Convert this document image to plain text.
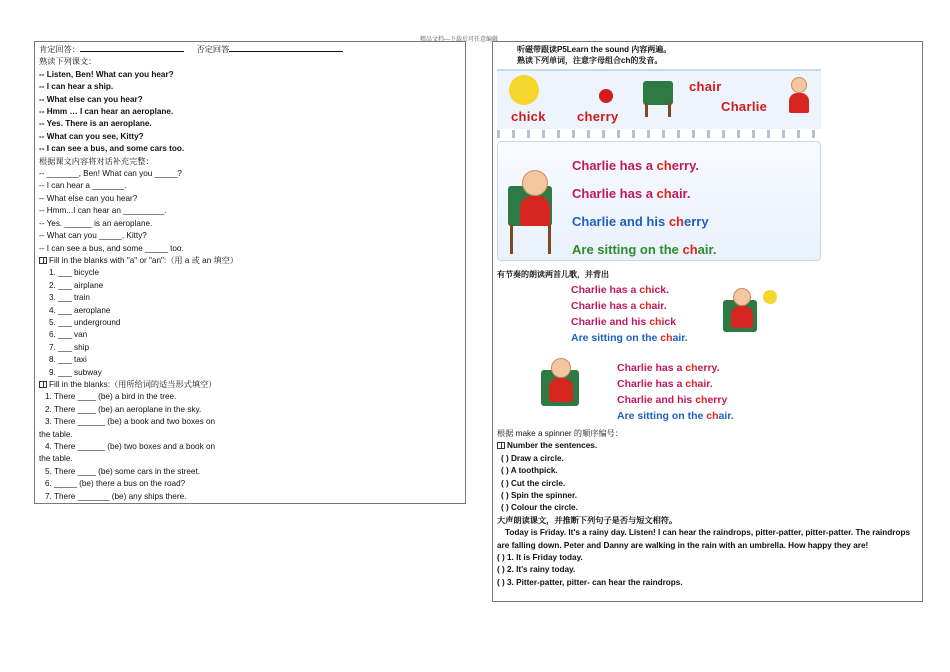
精品文档---下载后可任意编辑
肯定回答：	否定回答
熟读下列课文：
-- Listen, Ben! What can you hear?
-- I can hear a ship.
-- What else can you hear?
-- Hmm … I can hear an aeroplane.
-- Yes. There is an aeroplane.
-- What can you see, Kitty?
-- I can see a bus, and some cars too.
根据课文内容将对话补充完整：
-- _______, Ben! What can you _____?
-- I can hear a _______.
-- What else can you hear?
-- Hmm...I can hear an _________.
-- Yes. ______ is an aeroplane.
-- What can you _____, Kitty?
-- I can see a bus, and some _____ too.
Fill in the blanks with "a" or "an":（用 a 或 an 填空）
1. ___ bicycle
2. ___ airplane
3. ___ train
4. ___ aeroplane
5. ___ underground
6. ___ van
7. ___ ship
8. ___ taxi
9. ___ subway
Fill in the blanks:（用所给词的适当形式填空）
1. There ____ (be) a bird in the tree.
2. There ____ (be) an aeroplane in the sky.
3. There ______ (be) a book and two boxes on
the table.
4. There ______ (be) two boxes and a book on
the table.
5. There ____ (be) some cars in the street.
6. _____ (be) there a bus on the road?
7. There _______ (be) any ships there.
听磁带跟读P5Learn the sound 内容两遍。
熟读下列单词，注意字母组合ch的发音。
chick cherry
chair
Charlie
Charlie has a cherry.
Charlie has a chair.
Charlie and his cherry
Are sitting on the chair.
有节奏的朗读两首儿歌，并背出
Charlie has a chick.
Charlie has a chair.
Charlie and his chick
Are sitting on the chair.
Charlie has a cherry.
Charlie has a chair.
Charlie and his cherry
Are sitting on the chair.
根据 make a spinner 的顺序编号：
Number the sentences.
( ) Draw a circle.
( ) A toothpick.
( ) Cut the circle.
( ) Spin the spinner.
( ) Colour the circle.
大声朗读课文，并推断下列句子是否与短文相符。
Today is Friday. It's a rainy day. Listen! I can hear the raindrops, pitter-patter, pitter-patter. The raindrops are falling down. Peter and Danny are walking in the rain with an umbrella. How happy they are!
( ) 1. It is Friday today.
( ) 2. It's rainy today.
( ) 3. Pitter-patter, pitter- can hear the raindrops.
